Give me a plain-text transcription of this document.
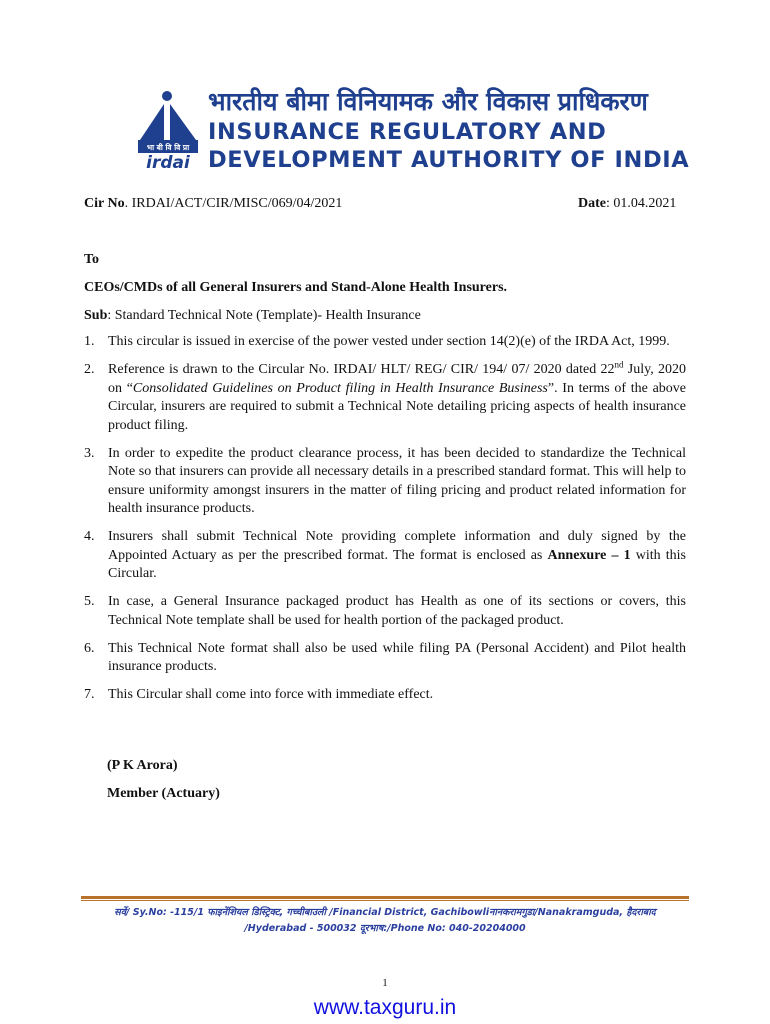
भा बी वि वि प्रा
irdai
भारतीय बीमा विनियामक और विकास प्राधिकरण
INSURANCE REGULATORY AND
DEVELOPMENT AUTHORITY OF INDIA
Cir No. IRDAI/ACT/CIR/MISC/069/04/2021	Date: 01.04.2021
To
CEOs/CMDs of all General Insurers and Stand-Alone Health Insurers.
Sub: Standard Technical Note (Template)- Health Insurance
1. This circular is issued in exercise of the power vested under section 14(2)(e) of the IRDA Act, 1999.
2. Reference is drawn to the Circular No. IRDAI/ HLT/ REG/ CIR/ 194/ 07/ 2020 dated 22nd July, 2020 on “Consolidated Guidelines on Product filing in Health Insurance Business”. In terms of the above Circular, insurers are required to submit a Technical Note detailing pricing aspects of health insurance product filing.
3. In order to expedite the product clearance process, it has been decided to standardize the Technical Note so that insurers can provide all necessary details in a prescribed standard format. This will help to ensure uniformity amongst insurers in the matter of filing pricing and product related information for health insurance products.
4. Insurers shall submit Technical Note providing complete information and duly signed by the Appointed Actuary as per the prescribed format. The format is enclosed as Annexure – 1 with this Circular.
5. In case, a General Insurance packaged product has Health as one of its sections or covers, this Technical Note template shall be used for health portion of the packaged product.
6. This Technical Note format shall also be used while filing PA (Personal Accident) and Pilot health insurance products.
7. This Circular shall come into force with immediate effect.
(P K Arora)
Member (Actuary)
सर्वे/ Sy.No: -115/1 फाइनेंशियल डिस्ट्रिक्ट, गच्चीबाउली /Financial District, Gachibowliनानकरामगुडा/Nanakramguda, हैदराबाद
/Hyderabad - 500032 दूरभाष:/Phone No: 040-20204000
1
www.taxguru.in
